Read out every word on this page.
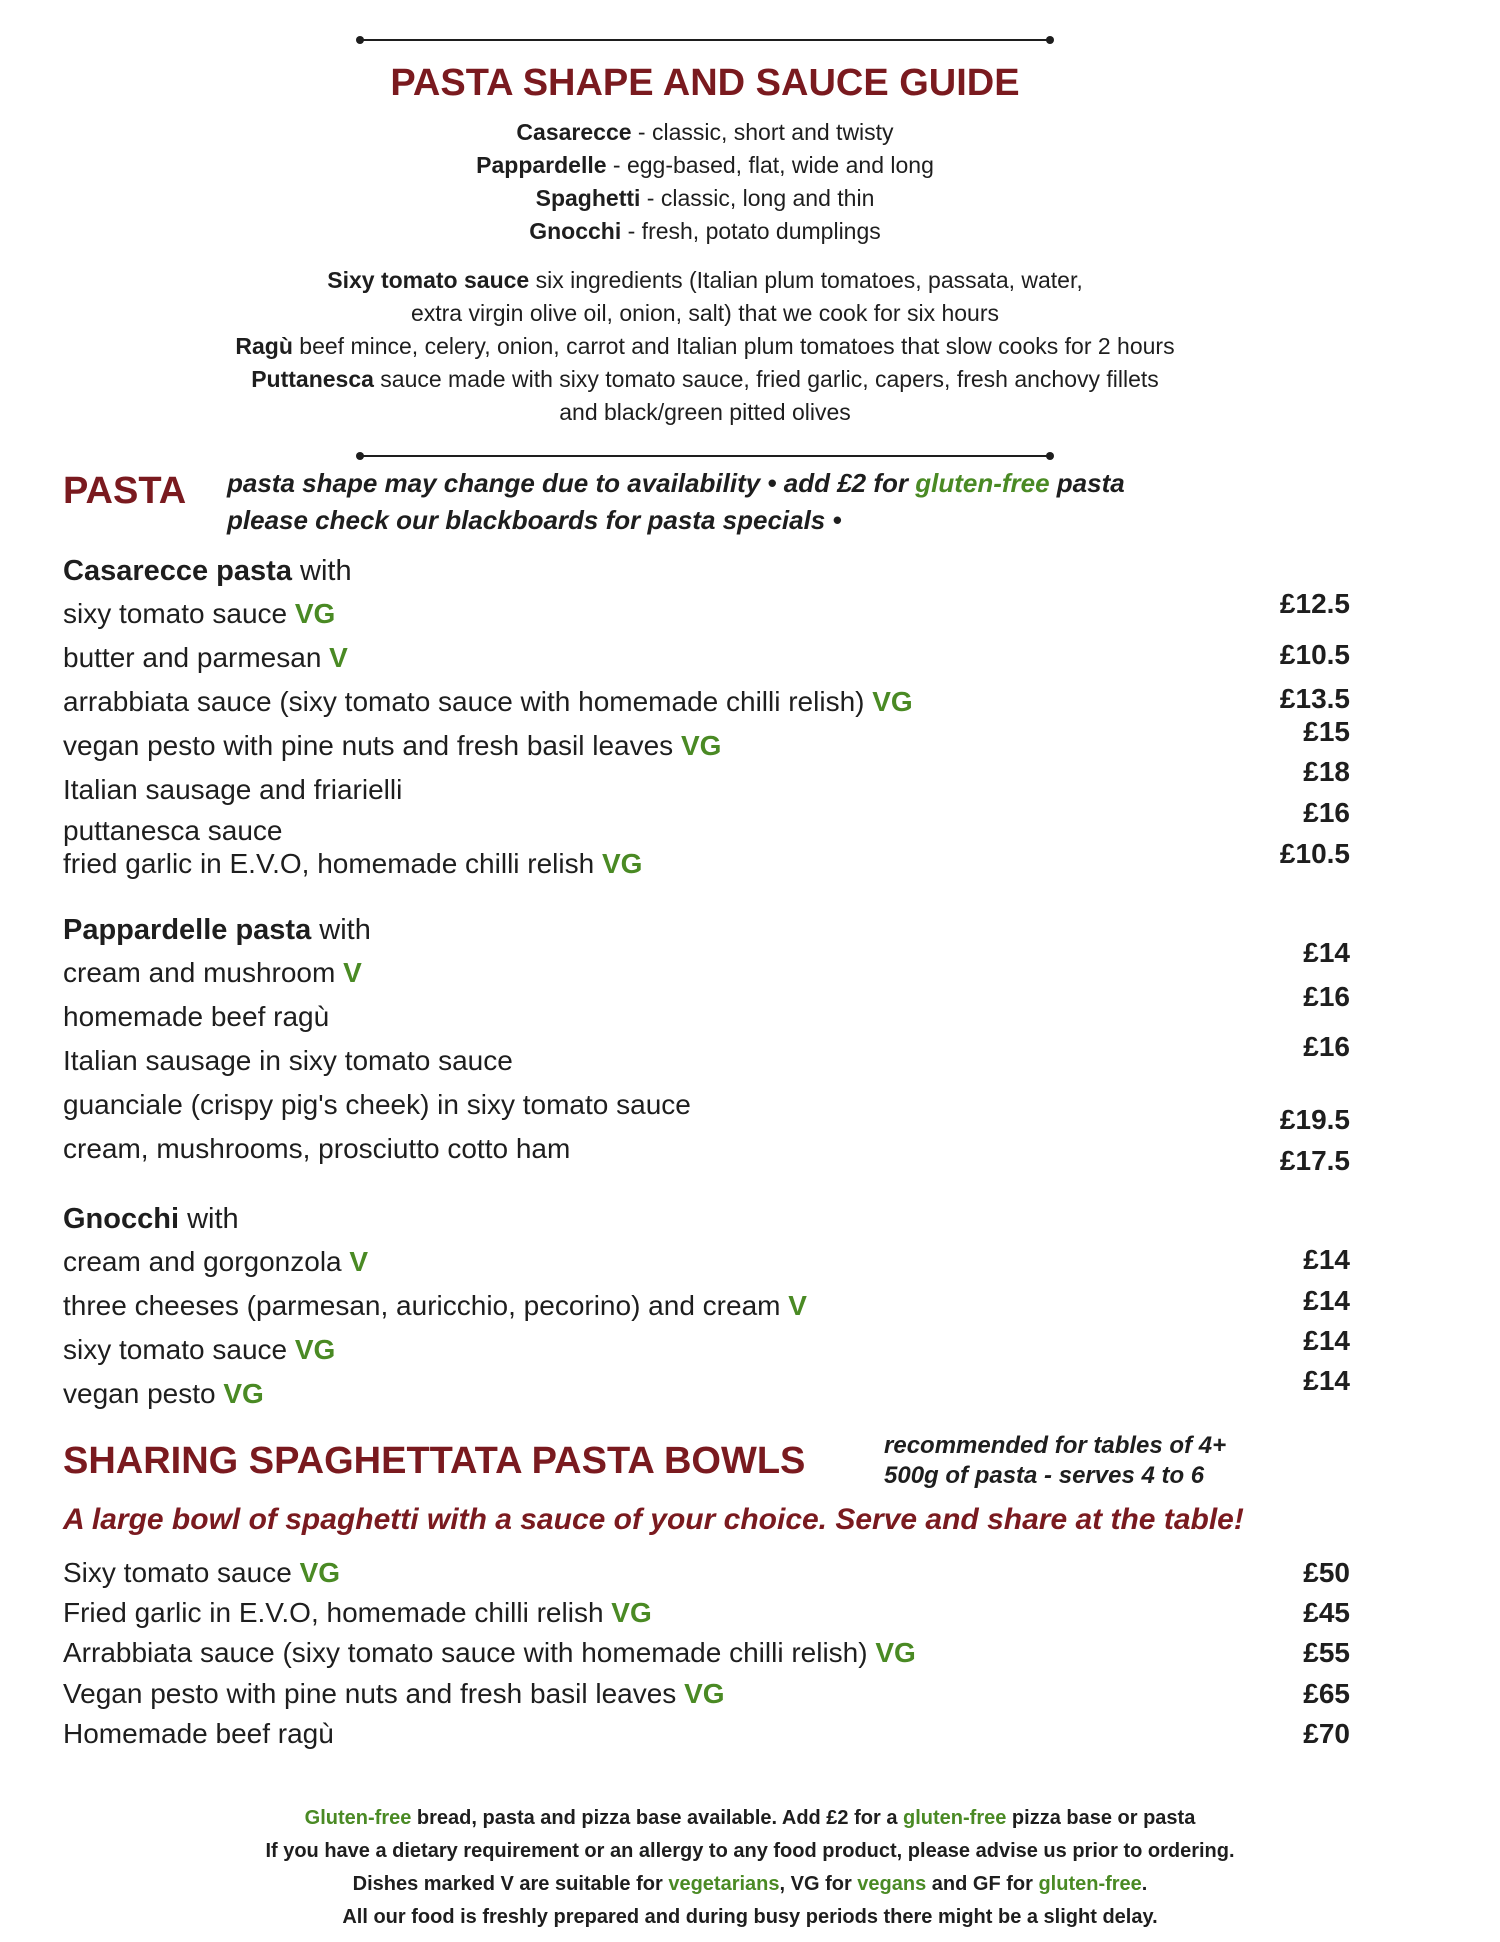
PASTA SHAPE AND SAUCE GUIDE
Casarecce - classic, short and twisty
Pappardelle - egg-based, flat, wide and long
Spaghetti - classic, long and thin
Gnocchi - fresh, potato dumplings
Sixy tomato sauce six ingredients (Italian plum tomatoes, passata, water,
extra virgin olive oil, onion, salt) that we cook for six hours
Ragù beef mince, celery, onion, carrot and Italian plum tomatoes that slow cooks for 2 hours
Puttanesca sauce made with sixy tomato sauce, fried garlic, capers, fresh anchovy fillets
and black/green pitted olives
PASTA pasta shape may change due to availability • add £2 for gluten-free pasta
please check our blackboards for pasta specials •
Casarecce pasta with
sixy tomato sauce VG
butter and parmesan V
arrabbiata sauce (sixy tomato sauce with homemade chilli relish) VG
vegan pesto with pine nuts and fresh basil leaves VG
Italian sausage and friarielli
puttanesca sauce
fried garlic in E.V.O, homemade chilli relish VG
£12.5
£10.5
£13.5
£15
£18
£16
£10.5
Pappardelle pasta with
cream and mushroom V
homemade beef ragù
Italian sausage in sixy tomato sauce
guanciale (crispy pig's cheek) in sixy tomato sauce
cream, mushrooms, prosciutto cotto ham
£14
£16
£16
£19.5
£17.5
Gnocchi with
cream and gorgonzola V
three cheeses (parmesan, auricchio, pecorino) and cream V
sixy tomato sauce VG
vegan pesto VG
£14
£14
£14
£14
SHARING SPAGHETTATA PASTA BOWLS	recommended for tables of 4+
500g of pasta - serves 4 to 6
A large bowl of spaghetti with a sauce of your choice. Serve and share at the table!
Sixy tomato sauce VG
Fried garlic in E.V.O, homemade chilli relish VG
Arrabbiata sauce (sixy tomato sauce with homemade chilli relish) VG
Vegan pesto with pine nuts and fresh basil leaves VG
Homemade beef ragù
£50
£45
£55
£65
£70
Gluten-free bread, pasta and pizza base available. Add £2 for a gluten-free pizza base or pasta
If you have a dietary requirement or an allergy to any food product, please advise us prior to ordering.
Dishes marked V are suitable for vegetarians, VG for vegans and GF for gluten-free.
All our food is freshly prepared and during busy periods there might be a slight delay.
